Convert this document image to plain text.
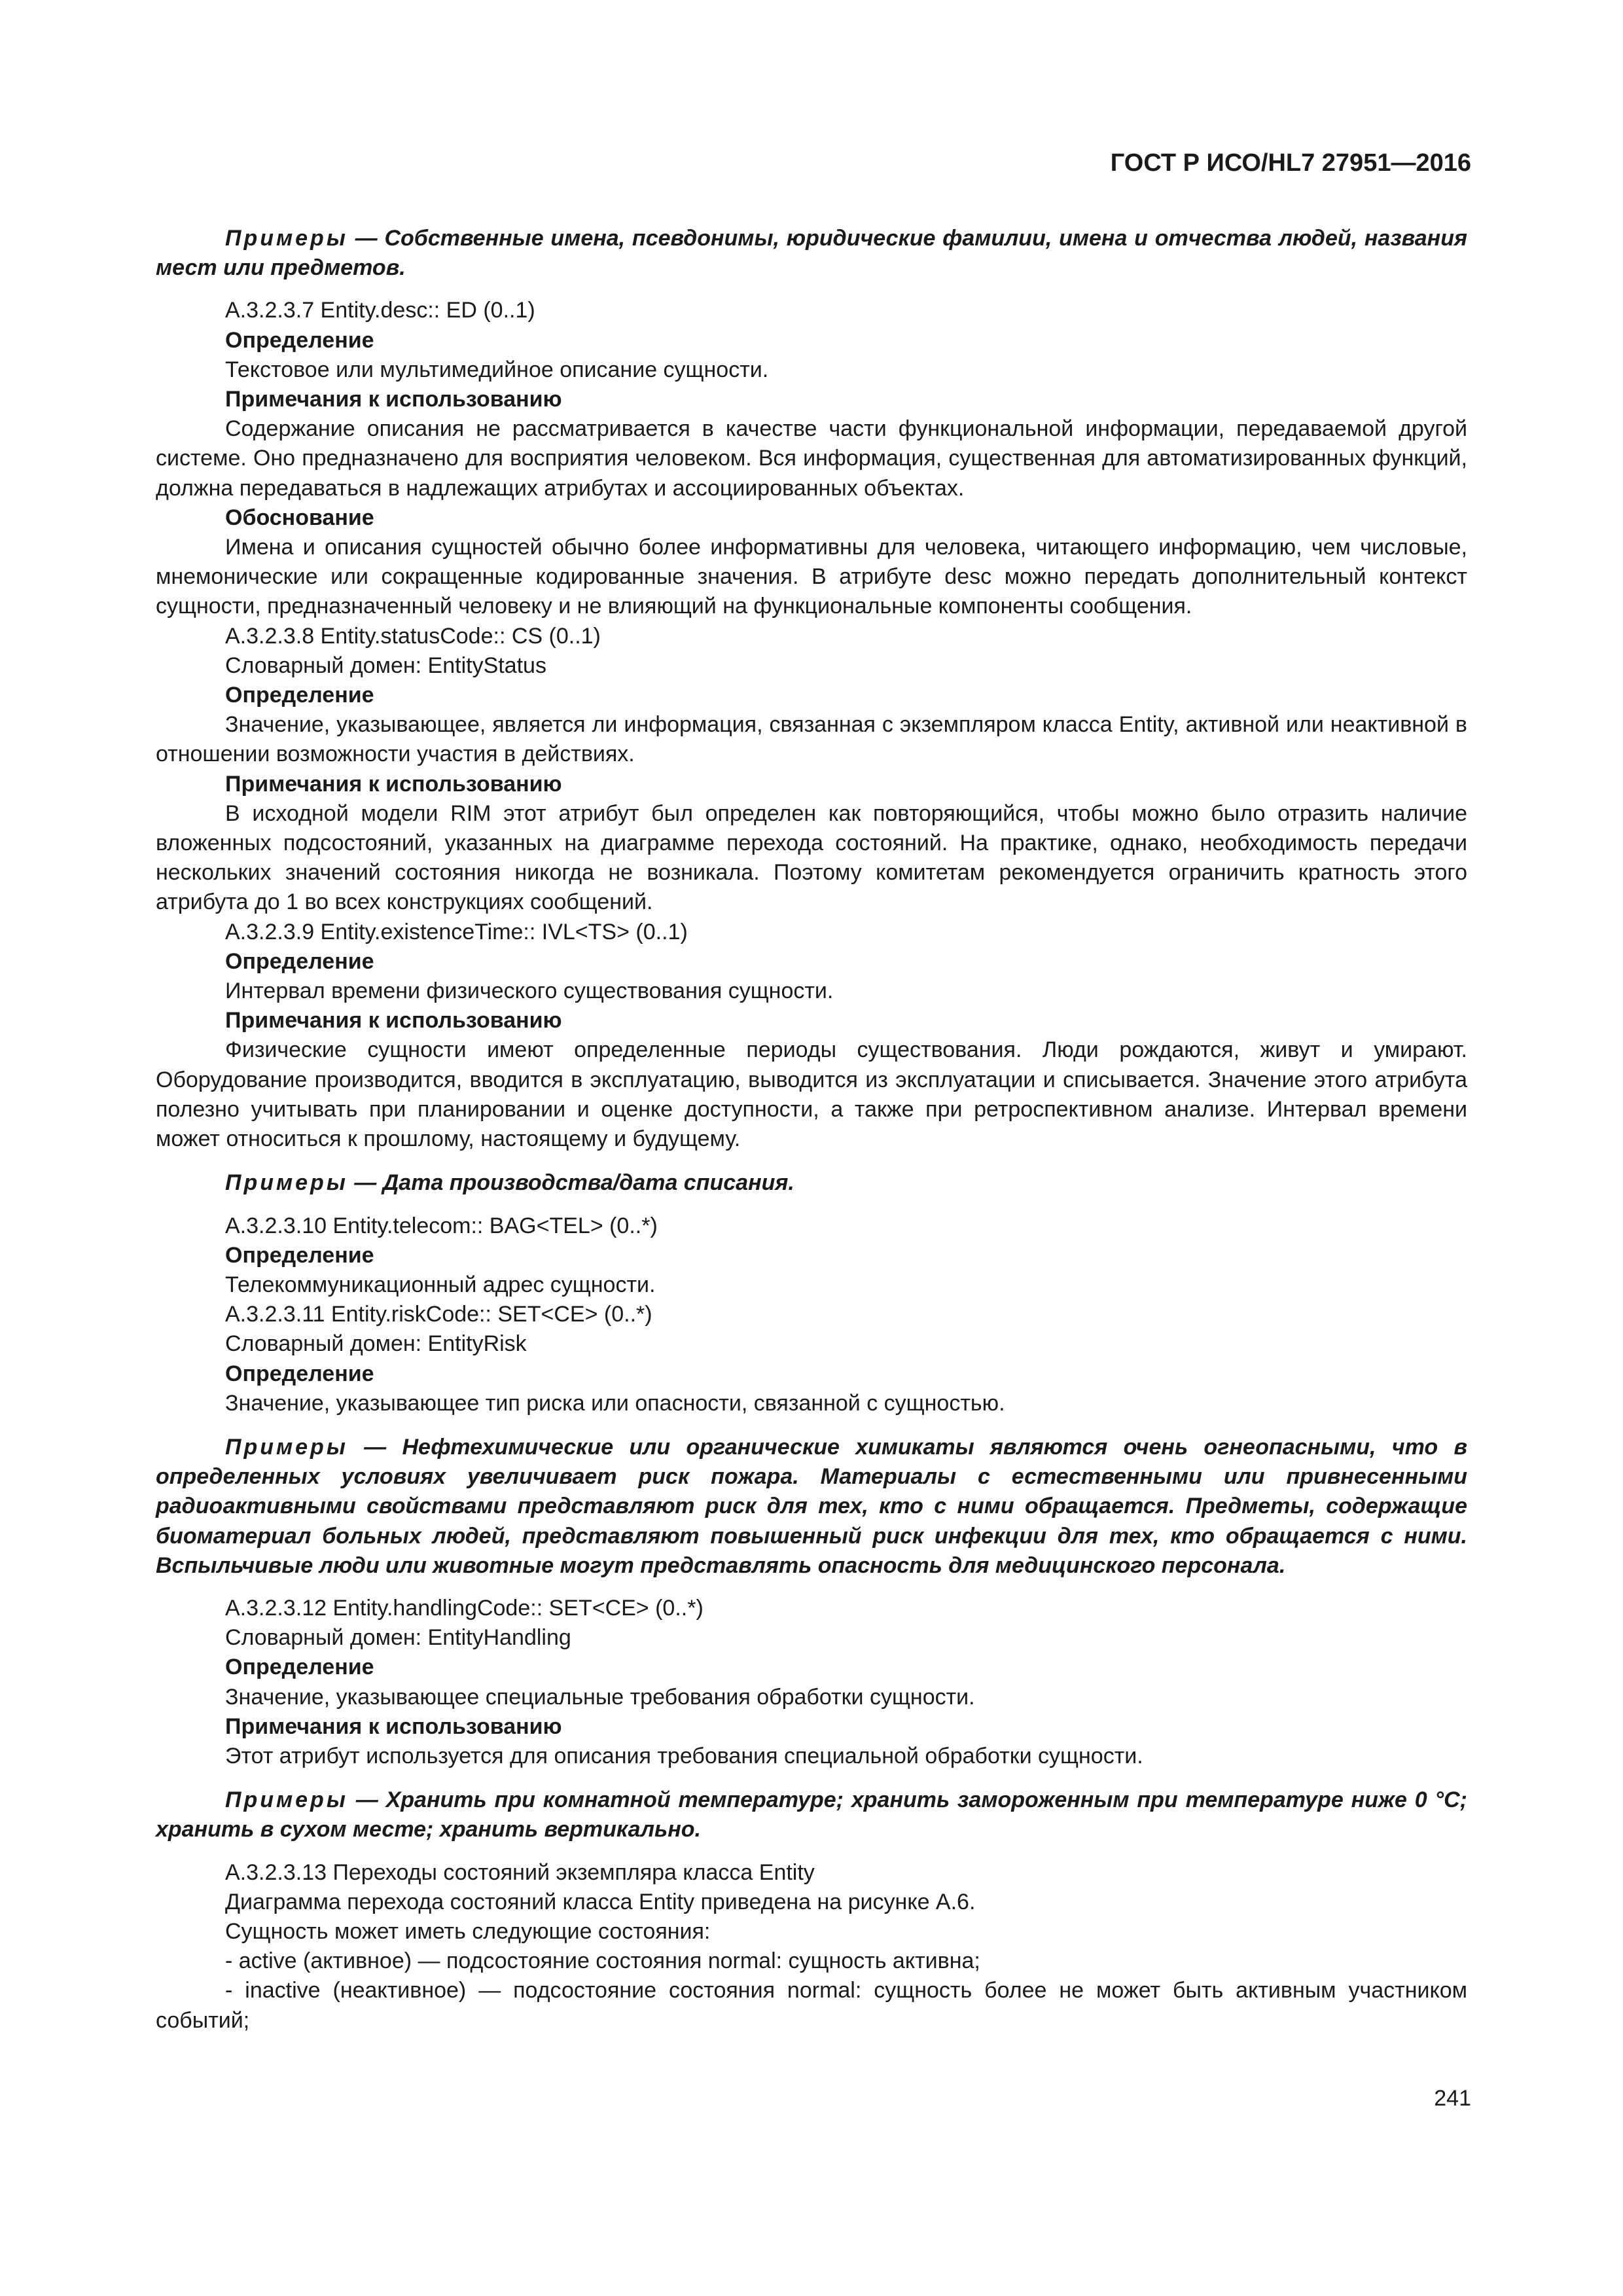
ГОСТ Р ИСО/HL7 27951—2016

Примеры — Собственные имена, псевдонимы, юридические фамилии, имена и отчества людей, названия мест или предметов.

А.3.2.3.7 Entity.desc:: ED (0..1)

Определение

Текстовое или мультимедийное описание сущности.

Примечания к использованию

Содержание описания не рассматривается в качестве части функциональной информации, передаваемой другой системе. Оно предназначено для восприятия человеком. Вся информация, существенная для автоматизированных функций, должна передаваться в надлежащих атрибутах и ассоциированных объектах.

Обоснование

Имена и описания сущностей обычно более информативны для человека, читающего информацию, чем числовые, мнемонические или сокращенные кодированные значения. В атрибуте desc можно передать дополнительный контекст сущности, предназначенный человеку и не влияющий на функциональные компоненты сообщения.

А.3.2.3.8 Entity.statusCode:: CS (0..1)

Словарный домен: EntityStatus

Определение

Значение, указывающее, является ли информация, связанная с экземпляром класса Entity, активной или неактивной в отношении возможности участия в действиях.

Примечания к использованию

В исходной модели RIM этот атрибут был определен как повторяющийся, чтобы можно было отразить наличие вложенных подсостояний, указанных на диаграмме перехода состояний. На практике, однако, необходимость передачи нескольких значений состояния никогда не возникала. Поэтому комитетам рекомендуется ограничить кратность этого атрибута до 1 во всех конструкциях сообщений.

А.3.2.3.9 Entity.existenceTime:: IVL<TS> (0..1)

Определение

Интервал времени физического существования сущности.

Примечания к использованию

Физические сущности имеют определенные периоды существования. Люди рождаются, живут и умирают. Оборудование производится, вводится в эксплуатацию, выводится из эксплуатации и списывается. Значение этого атрибута полезно учитывать при планировании и оценке доступности, а также при ретроспективном анализе. Интервал времени может относиться к прошлому, настоящему и будущему.

Примеры — Дата производства/дата списания.

А.3.2.3.10 Entity.telecom:: BAG<TEL> (0..*)

Определение

Телекоммуникационный адрес сущности.

А.3.2.3.11 Entity.riskCode:: SET<CE> (0..*)

Словарный домен: EntityRisk

Определение

Значение, указывающее тип риска или опасности, связанной с сущностью.

Примеры — Нефтехимические или органические химикаты являются очень огнеопасными, что в определенных условиях увеличивает риск пожара. Материалы с естественными или привнесенными радиоактивными свойствами представляют риск для тех, кто с ними обращается. Предметы, содержащие биоматериал больных людей, представляют повышенный риск инфекции для тех, кто обращается с ними. Вспыльчивые люди или животные могут представлять опасность для медицинского персонала.

А.3.2.3.12 Entity.handlingCode:: SET<CE> (0..*)

Словарный домен: EntityHandling

Определение

Значение, указывающее специальные требования обработки сущности.

Примечания к использованию

Этот атрибут используется для описания требования специальной обработки сущности.

Примеры — Хранить при комнатной температуре; хранить замороженным при температуре ниже 0 °С; хранить в сухом месте; хранить вертикально.

А.3.2.3.13 Переходы состояний экземпляра класса Entity

Диаграмма перехода состояний класса Entity приведена на рисунке А.6.

Сущность может иметь следующие состояния:

- active (активное) — подсостояние состояния normal: сущность активна;

- inactive (неактивное) — подсостояние состояния normal: сущность более не может быть активным участником событий;

241
